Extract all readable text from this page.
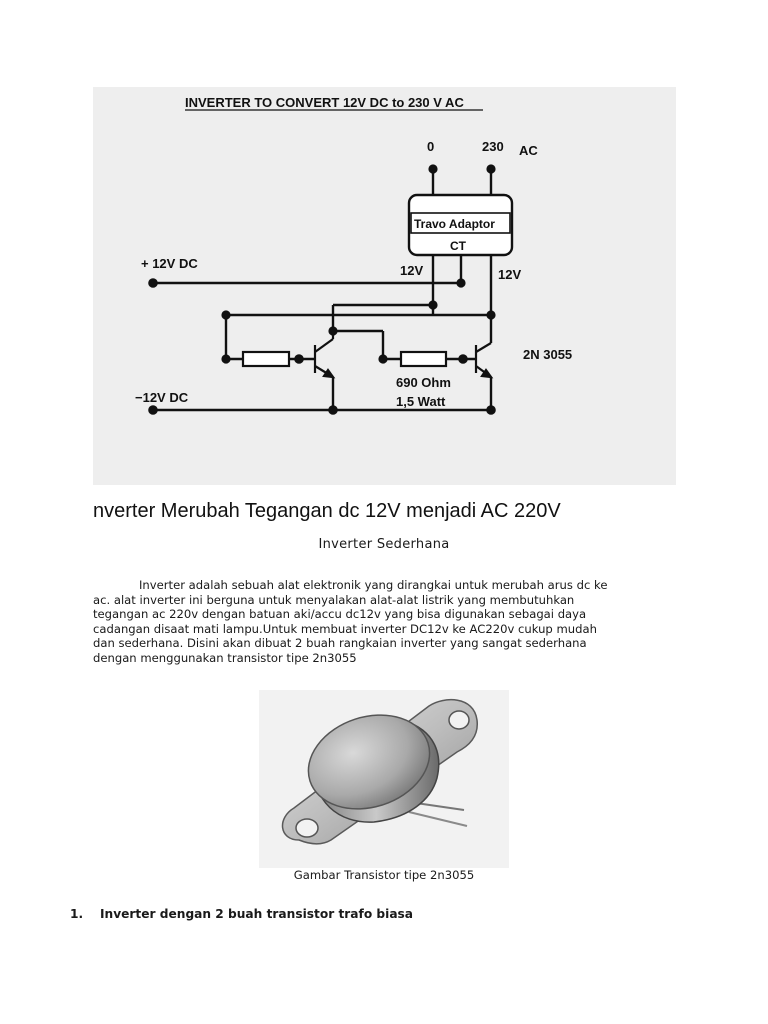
INVERTER TO CONVERT 12V DC to 230 V AC
0	230 AC
Travo Adaptor
CT
+ 12V DC	12V	12V
2N 3055
690 Ohm
1,5 Watt
−12V DC
nverter Merubah Tegangan dc 12V menjadi AC 220V
Inverter Sederhana
Inverter adalah sebuah alat elektronik yang dirangkai untuk merubah arus dc ke
ac. alat inverter ini berguna untuk menyalakan alat-alat listrik yang membutuhkan
tegangan ac 220v dengan batuan aki/accu dc12v yang bisa digunakan sebagai daya
cadangan disaat mati lampu.Untuk membuat inverter DC12v ke AC220v cukup mudah
dan sederhana. Disini akan dibuat 2 buah rangkaian inverter yang sangat sederhana
dengan menggunakan transistor tipe 2n3055
Gambar Transistor tipe 2n3055
1. Inverter dengan 2 buah transistor trafo biasa
